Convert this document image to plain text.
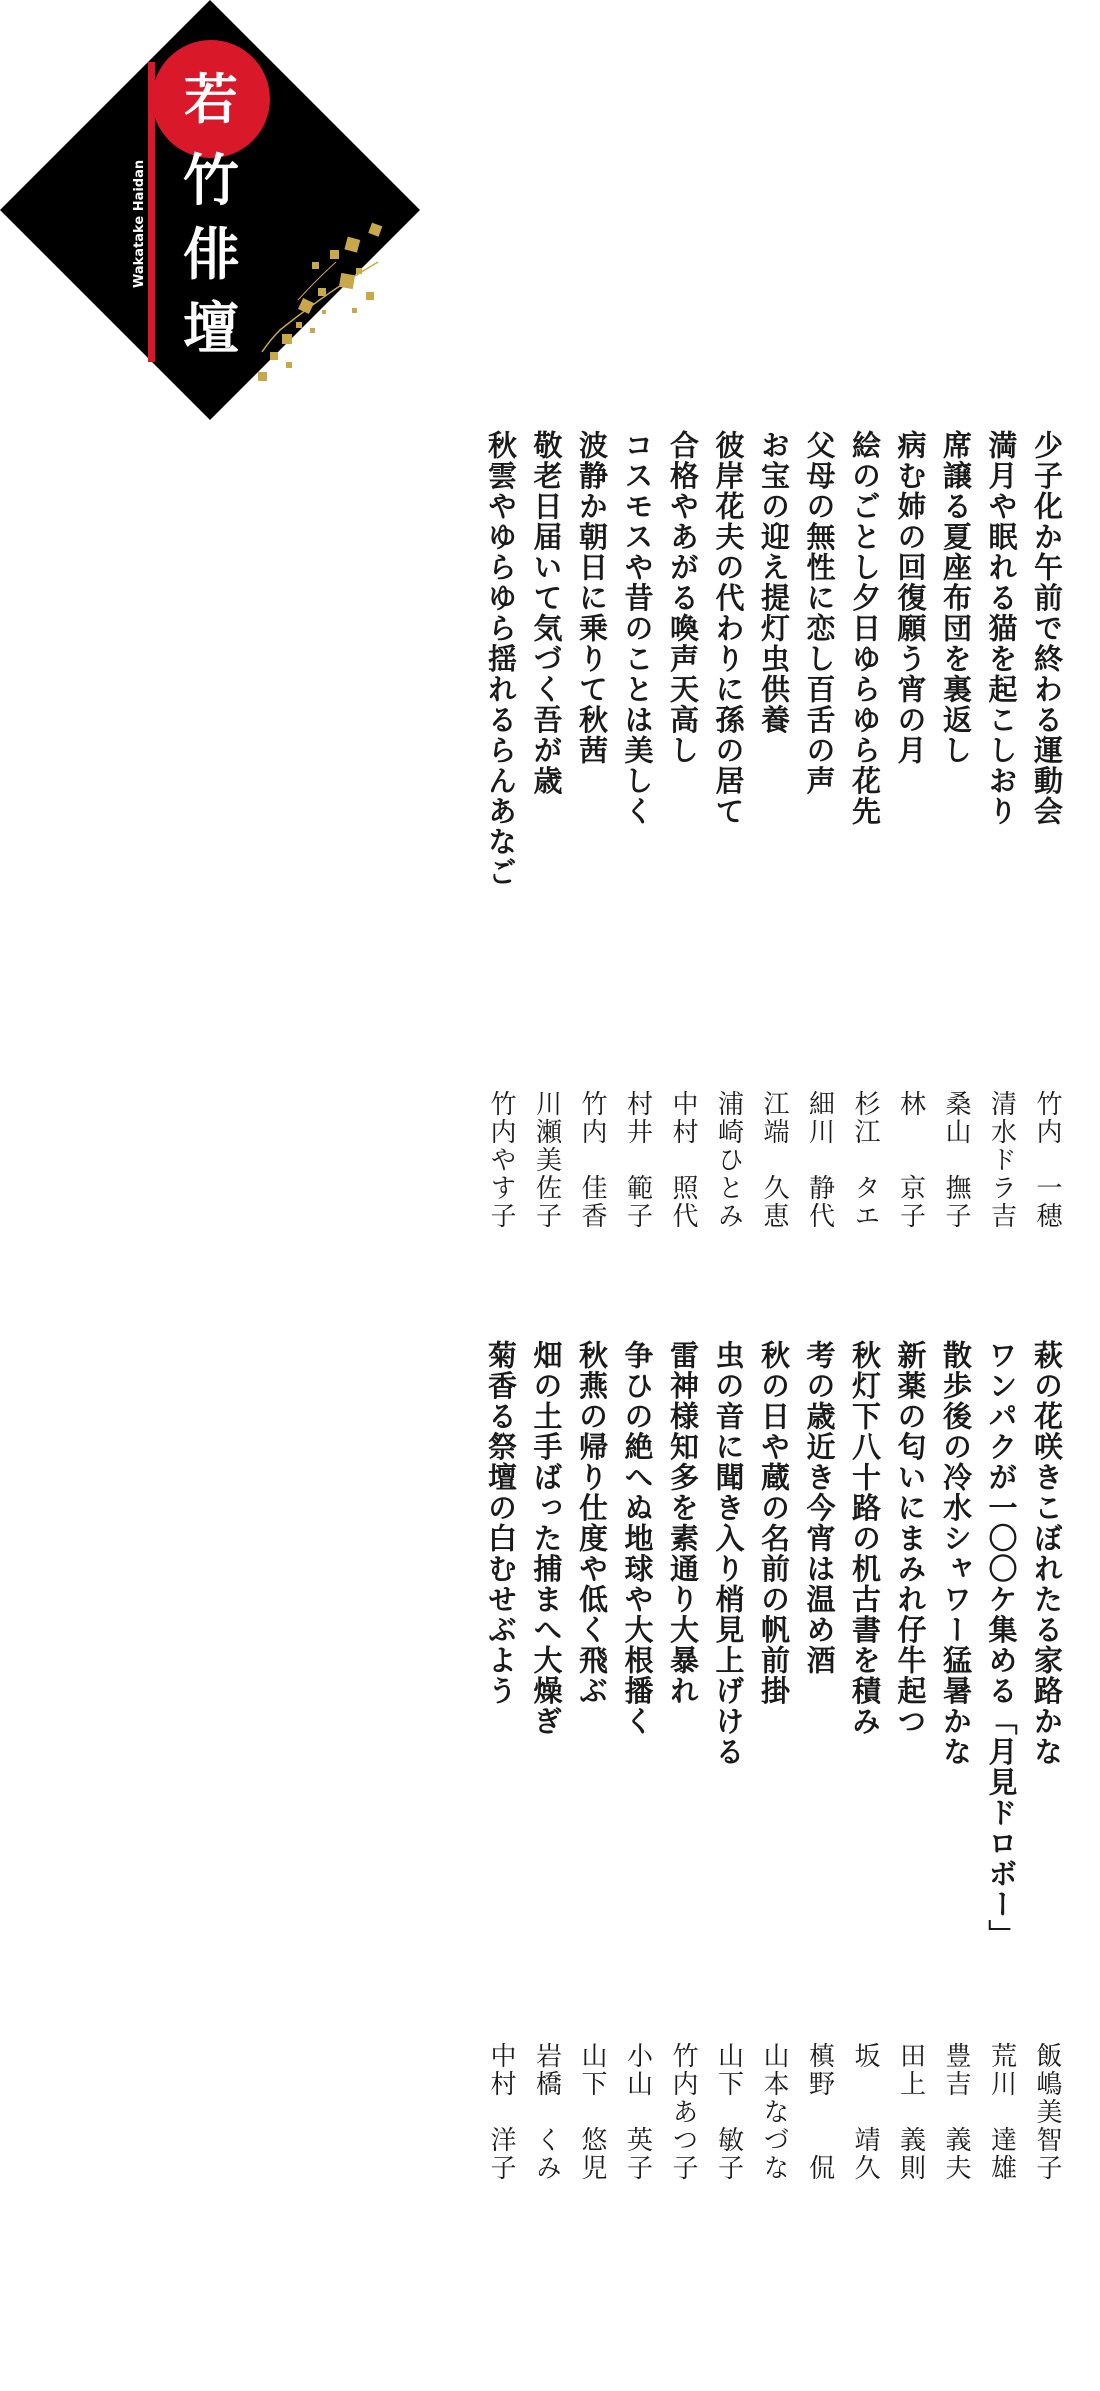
若
竹
俳
壇
Wakatake Haidan
少子化か午前で終わる運動会
満月や眠れる猫を起こしおり
席譲る夏座布団を裏返し
病む姉の回復願う宵の月
絵のごとし夕日ゆらゆら花先
父母の無性に恋し百舌の声
お宝の迎え提灯虫供養
彼岸花夫の代わりに孫の居て
合格やあがる喚声天高し
コスモスや昔のことは美しく
波静か朝日に乗りて秋茜
敬老日届いて気づく吾が歳
秋雲やゆらゆら揺れるらんあなご
竹内　一穂
清水ドラ吉
桑山　撫子
林　　京子
杉江　タエ
細川　静代
江端　久恵
浦崎ひとみ
中村　照代
村井　範子
竹内　佳香
川瀬美佐子
竹内やす子
萩の花咲きこぼれたる家路かな
ワンパクが一〇〇ケ集める「月見ドロボー」
散歩後の冷水シャワー猛暑かな
新薬の匂いにまみれ仔牛起つ
秋灯下八十路の机古書を積み
考の歳近き今宵は温め酒
秋の日や蔵の名前の帆前掛
虫の音に聞き入り梢見上げける
雷神様知多を素通り大暴れ
争ひの絶へぬ地球や大根播く
秋燕の帰り仕度や低く飛ぶ
畑の土手ばった捕まへ大燥ぎ
菊香る祭壇の白むせぶよう
飯嶋美智子
荒川　達雄
豊吉　義夫
田上　義則
坂　　靖久
槙野　　侃
山本なづな
山下　敏子
竹内あつ子
小山　英子
山下　悠児
岩橋　くみ
中村　洋子
